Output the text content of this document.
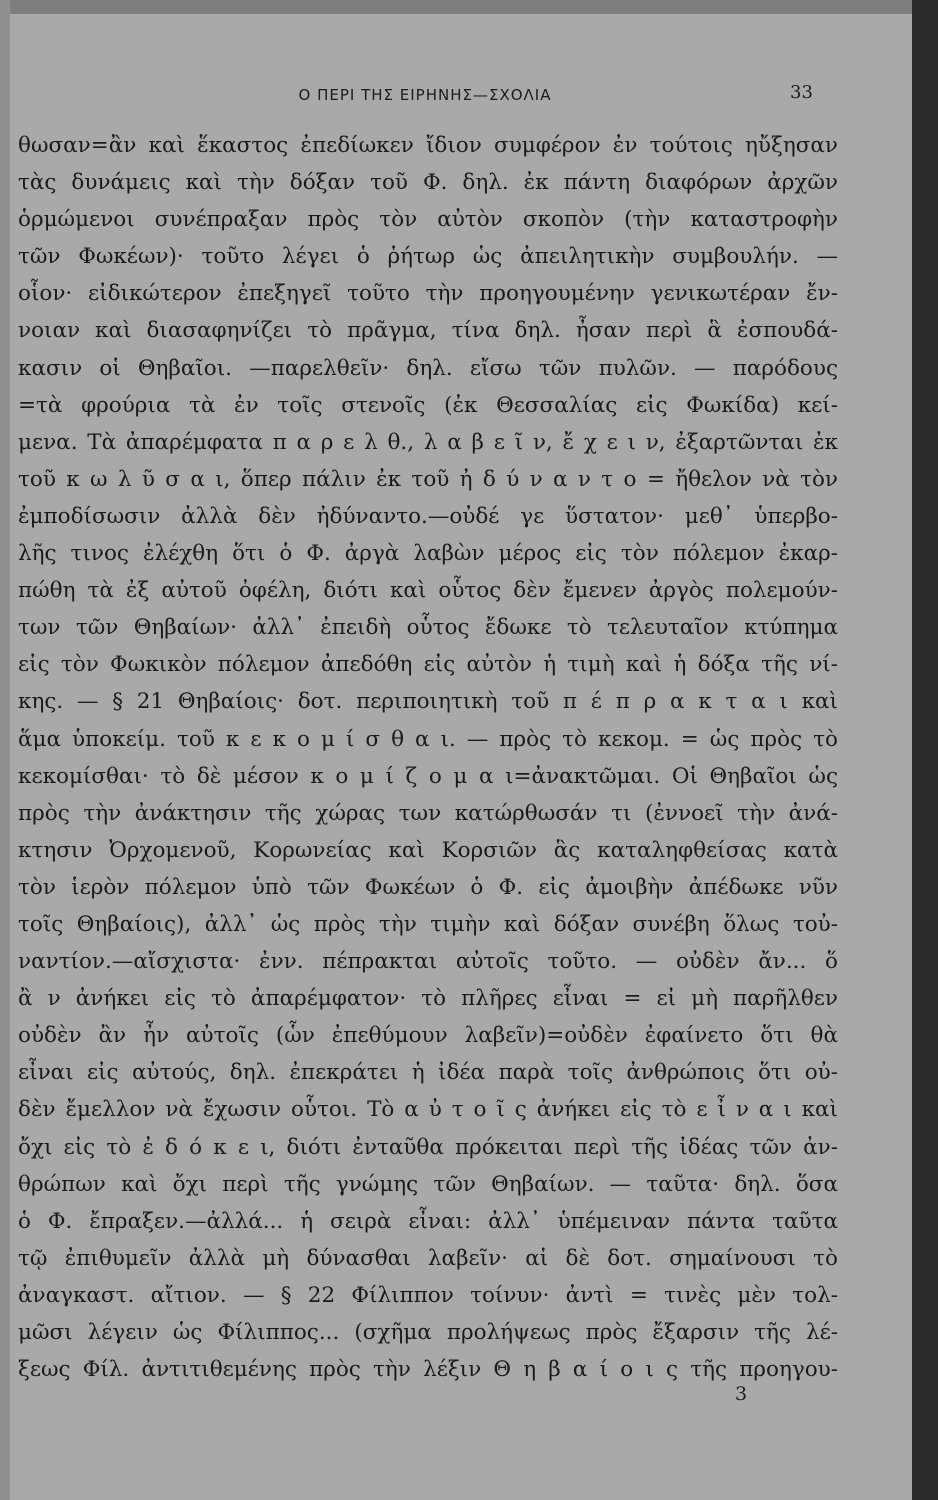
Ο ΠΕΡΙ ΤΗΣ ΕΙΡΗΝΗΣ—ΣΧΟΛΙΑ	33
θωσαν=ἂν καὶ ἕκαστος ἐπεδίωκεν ἴδιον συμφέρον ἐν τούτοις ηὔξησαν
τὰς δυνάμεις καὶ τὴν δόξαν τοῦ Φ. δηλ. ἐκ πάντη διαφόρων ἀρχῶν
ὁρμώμενοι συνέπραξαν πρὸς τὸν αὐτὸν σκοπὸν (τὴν καταστροφὴν
τῶν Φωκέων)· τοῦτο λέγει ὁ ῥήτωρ ὡς ἀπειλητικὴν συμβουλήν. —
οἷον· εἰδικώτερον ἐπεξηγεῖ τοῦτο τὴν προηγουμένην γενικωτέραν ἔν-
νοιαν καὶ διασαφηνίζει τὸ πρᾶγμα, τίνα δηλ. ἦσαν περὶ ἃ ἐσπουδά-
κασιν οἱ Θηβαῖοι. —παρελθεῖν· δηλ. εἴσω τῶν πυλῶν. — παρόδους
=τὰ φρούρια τὰ ἐν τοῖς στενοῖς (ἐκ Θεσσαλίας εἰς Φωκίδα) κεί-
μενα. Τὰ ἀπαρέμφατα π α ρ ε λ θ., λ α β ε ῖ ν, ἔ χ ε ι ν, ἐξαρτῶνται ἐκ
τοῦ κ ω λ ῦ σ α ι, ὅπερ πάλιν ἐκ τοῦ ἠ δ ύ ν α ν τ ο = ἤθελον νὰ τὸν
ἐμποδίσωσιν ἀλλὰ δὲν ἠδύναντο.—οὐδέ γε ὕστατον· μεθ᾽ ὑπερβο-
λῆς τινος ἐλέχθη ὅτι ὁ Φ. ἀργὰ λαβὼν μέρος εἰς τὸν πόλεμον ἐκαρ-
πώθη τὰ ἐξ αὐτοῦ ὀφέλη, διότι καὶ οὗτος δὲν ἔμενεν ἀργὸς πολεμούν-
των τῶν Θηβαίων· ἀλλ᾽ ἐπειδὴ οὗτος ἔδωκε τὸ τελευταῖον κτύπημα
εἰς τὸν Φωκικὸν πόλεμον ἀπεδόθη εἰς αὐτὸν ἡ τιμὴ καὶ ἡ δόξα τῆς νί-
κης. — § 21 Θηβαίοις· δοτ. περιποιητικὴ τοῦ π έ π ρ α κ τ α ι καὶ
ἅμα ὑποκείμ. τοῦ κ ε κ ο μ ί σ θ α ι. — πρὸς τὸ κεκομ. = ὡς πρὸς τὸ
κεκομίσθαι· τὸ δὲ μέσον κ ο μ ί ζ ο μ α ι=ἀνακτῶμαι. Οἱ Θηβαῖοι ὡς
πρὸς τὴν ἀνάκτησιν τῆς χώρας των κατώρθωσάν τι (ἐννοεῖ τὴν ἀνά-
κτησιν Ὀρχομενοῦ, Κορωνείας καὶ Κορσιῶν ἃς καταληφθείσας κατὰ
τὸν ἱερὸν πόλεμον ὑπὸ τῶν Φωκέων ὁ Φ. εἰς ἀμοιβὴν ἀπέδωκε νῦν
τοῖς Θηβαίοις), ἀλλ᾽ ὡς πρὸς τὴν τιμὴν καὶ δόξαν συνέβη ὅλως τοὐ-
ναντίον.—αἴσχιστα· ἐνν. πέπρακται αὐτοῖς τοῦτο. — οὐδὲν ἄν... ὅ
ἂ ν ἀνήκει εἰς τὸ ἀπαρέμφατον· τὸ πλῆρες εἶναι = εἰ μὴ παρῆλθεν
οὐδὲν ἂν ἦν αὐτοῖς (ὧν ἐπεθύμουν λαβεῖν)=οὐδὲν ἐφαίνετο ὅτι θὰ
εἶναι εἰς αὐτούς, δηλ. ἐπεκράτει ἡ ἰδέα παρὰ τοῖς ἀνθρώποις ὅτι οὐ-
δὲν ἔμελλον νὰ ἔχωσιν οὗτοι. Τὸ α ὐ τ ο ῖ ς ἀνήκει εἰς τὸ ε ἶ ν α ι καὶ
ὄχι εἰς τὸ ἐ δ ό κ ε ι, διότι ἐνταῦθα πρόκειται περὶ τῆς ἰδέας τῶν ἀν-
θρώπων καὶ ὄχι περὶ τῆς γνώμης τῶν Θηβαίων. — ταῦτα· δηλ. ὅσα
ὁ Φ. ἔπραξεν.—ἀλλά... ἡ σειρὰ εἶναι: ἀλλ᾽ ὑπέμειναν πάντα ταῦτα
τῷ ἐπιθυμεῖν ἀλλὰ μὴ δύνασθαι λαβεῖν· αἱ δὲ δοτ. σημαίνουσι τὸ
ἀναγκαστ. αἴτιον. — § 22 Φίλιππον τοίνυν· ἀντὶ = τινὲς μὲν τολ-
μῶσι λέγειν ὡς Φίλιππος... (σχῆμα προλήψεως πρὸς ἔξαρσιν τῆς λέ-
ξεως Φίλ. ἀντιτιθεμένης πρὸς τὴν λέξιν Θ η β α ί ο ι ς τῆς προηγου-
3
